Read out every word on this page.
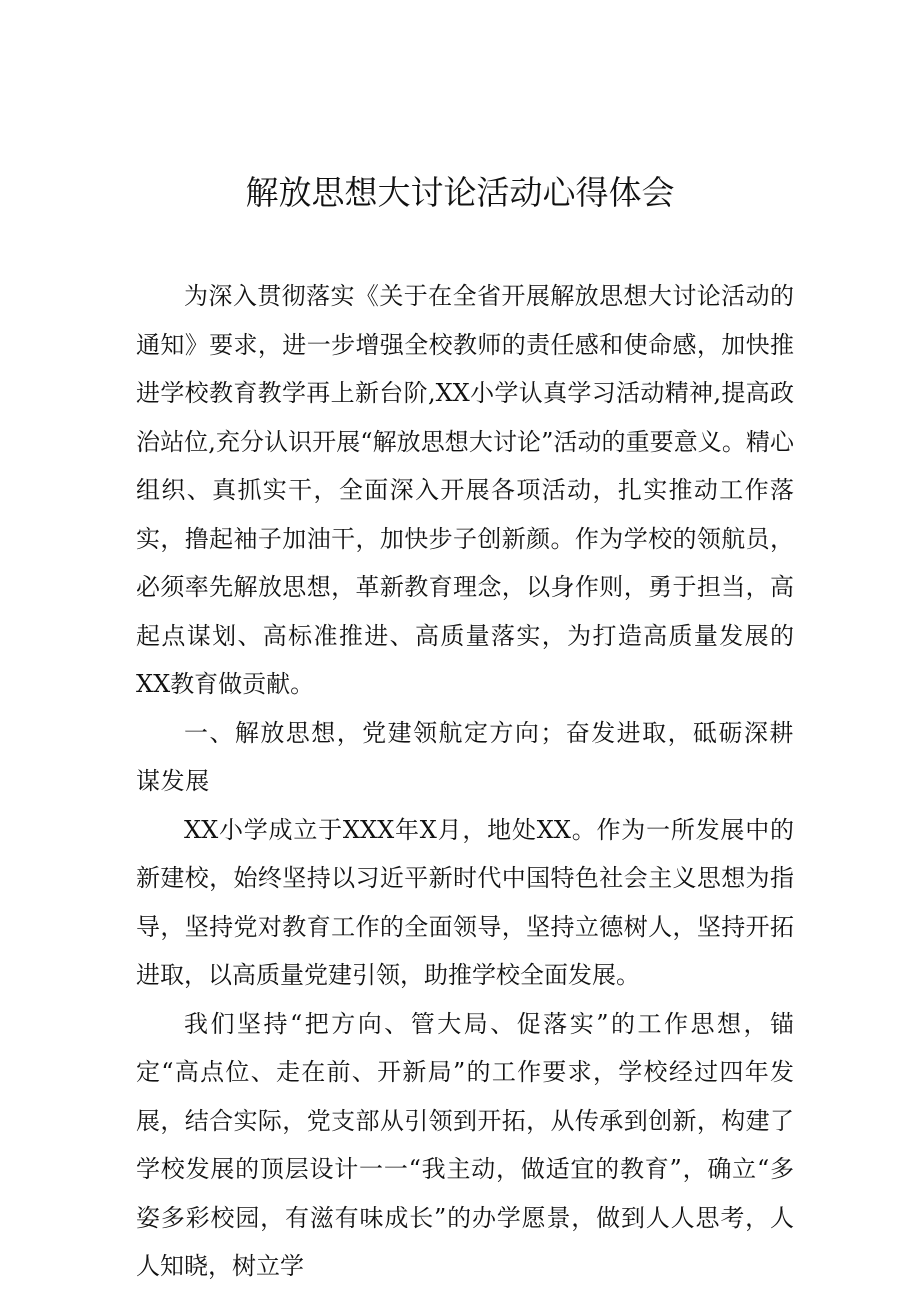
解放思想大讨论活动心得体会

为深入贯彻落实《关于在全省开展解放思想大讨论活动的通知》要求，进一步增强全校教师的责任感和使命感，加快推进学校教育教学再上新台阶,XX小学认真学习活动精神,提高政治站位,充分认识开展“解放思想大讨论”活动的重要意义。精心组织、真抓实干，全面深入开展各项活动，扎实推动工作落实，撸起袖子加油干，加快步子创新颜。作为学校的领航员，必须率先解放思想，革新教育理念，以身作则，勇于担当，高起点谋划、高标准推进、高质量落实，为打造高质量发展的XX教育做贡献。

一、解放思想，党建领航定方向；奋发进取，砥砺深耕谋发展

XX小学成立于XXX年X月，地处XX。作为一所发展中的新建校，始终坚持以习近平新时代中国特色社会主义思想为指导，坚持党对教育工作的全面领导，坚持立德树人，坚持开拓进取，以高质量党建引领，助推学校全面发展。

我们坚持“把方向、管大局、促落实”的工作思想，锚定“高点位、走在前、开新局”的工作要求，学校经过四年发展，结合实际，党支部从引领到开拓，从传承到创新，构建了学校发展的顶层设计一一“我主动，做适宜的教育”，确立“多姿多彩校园，有滋有味成长”的办学愿景，做到人人思考，人人知晓，树立学
